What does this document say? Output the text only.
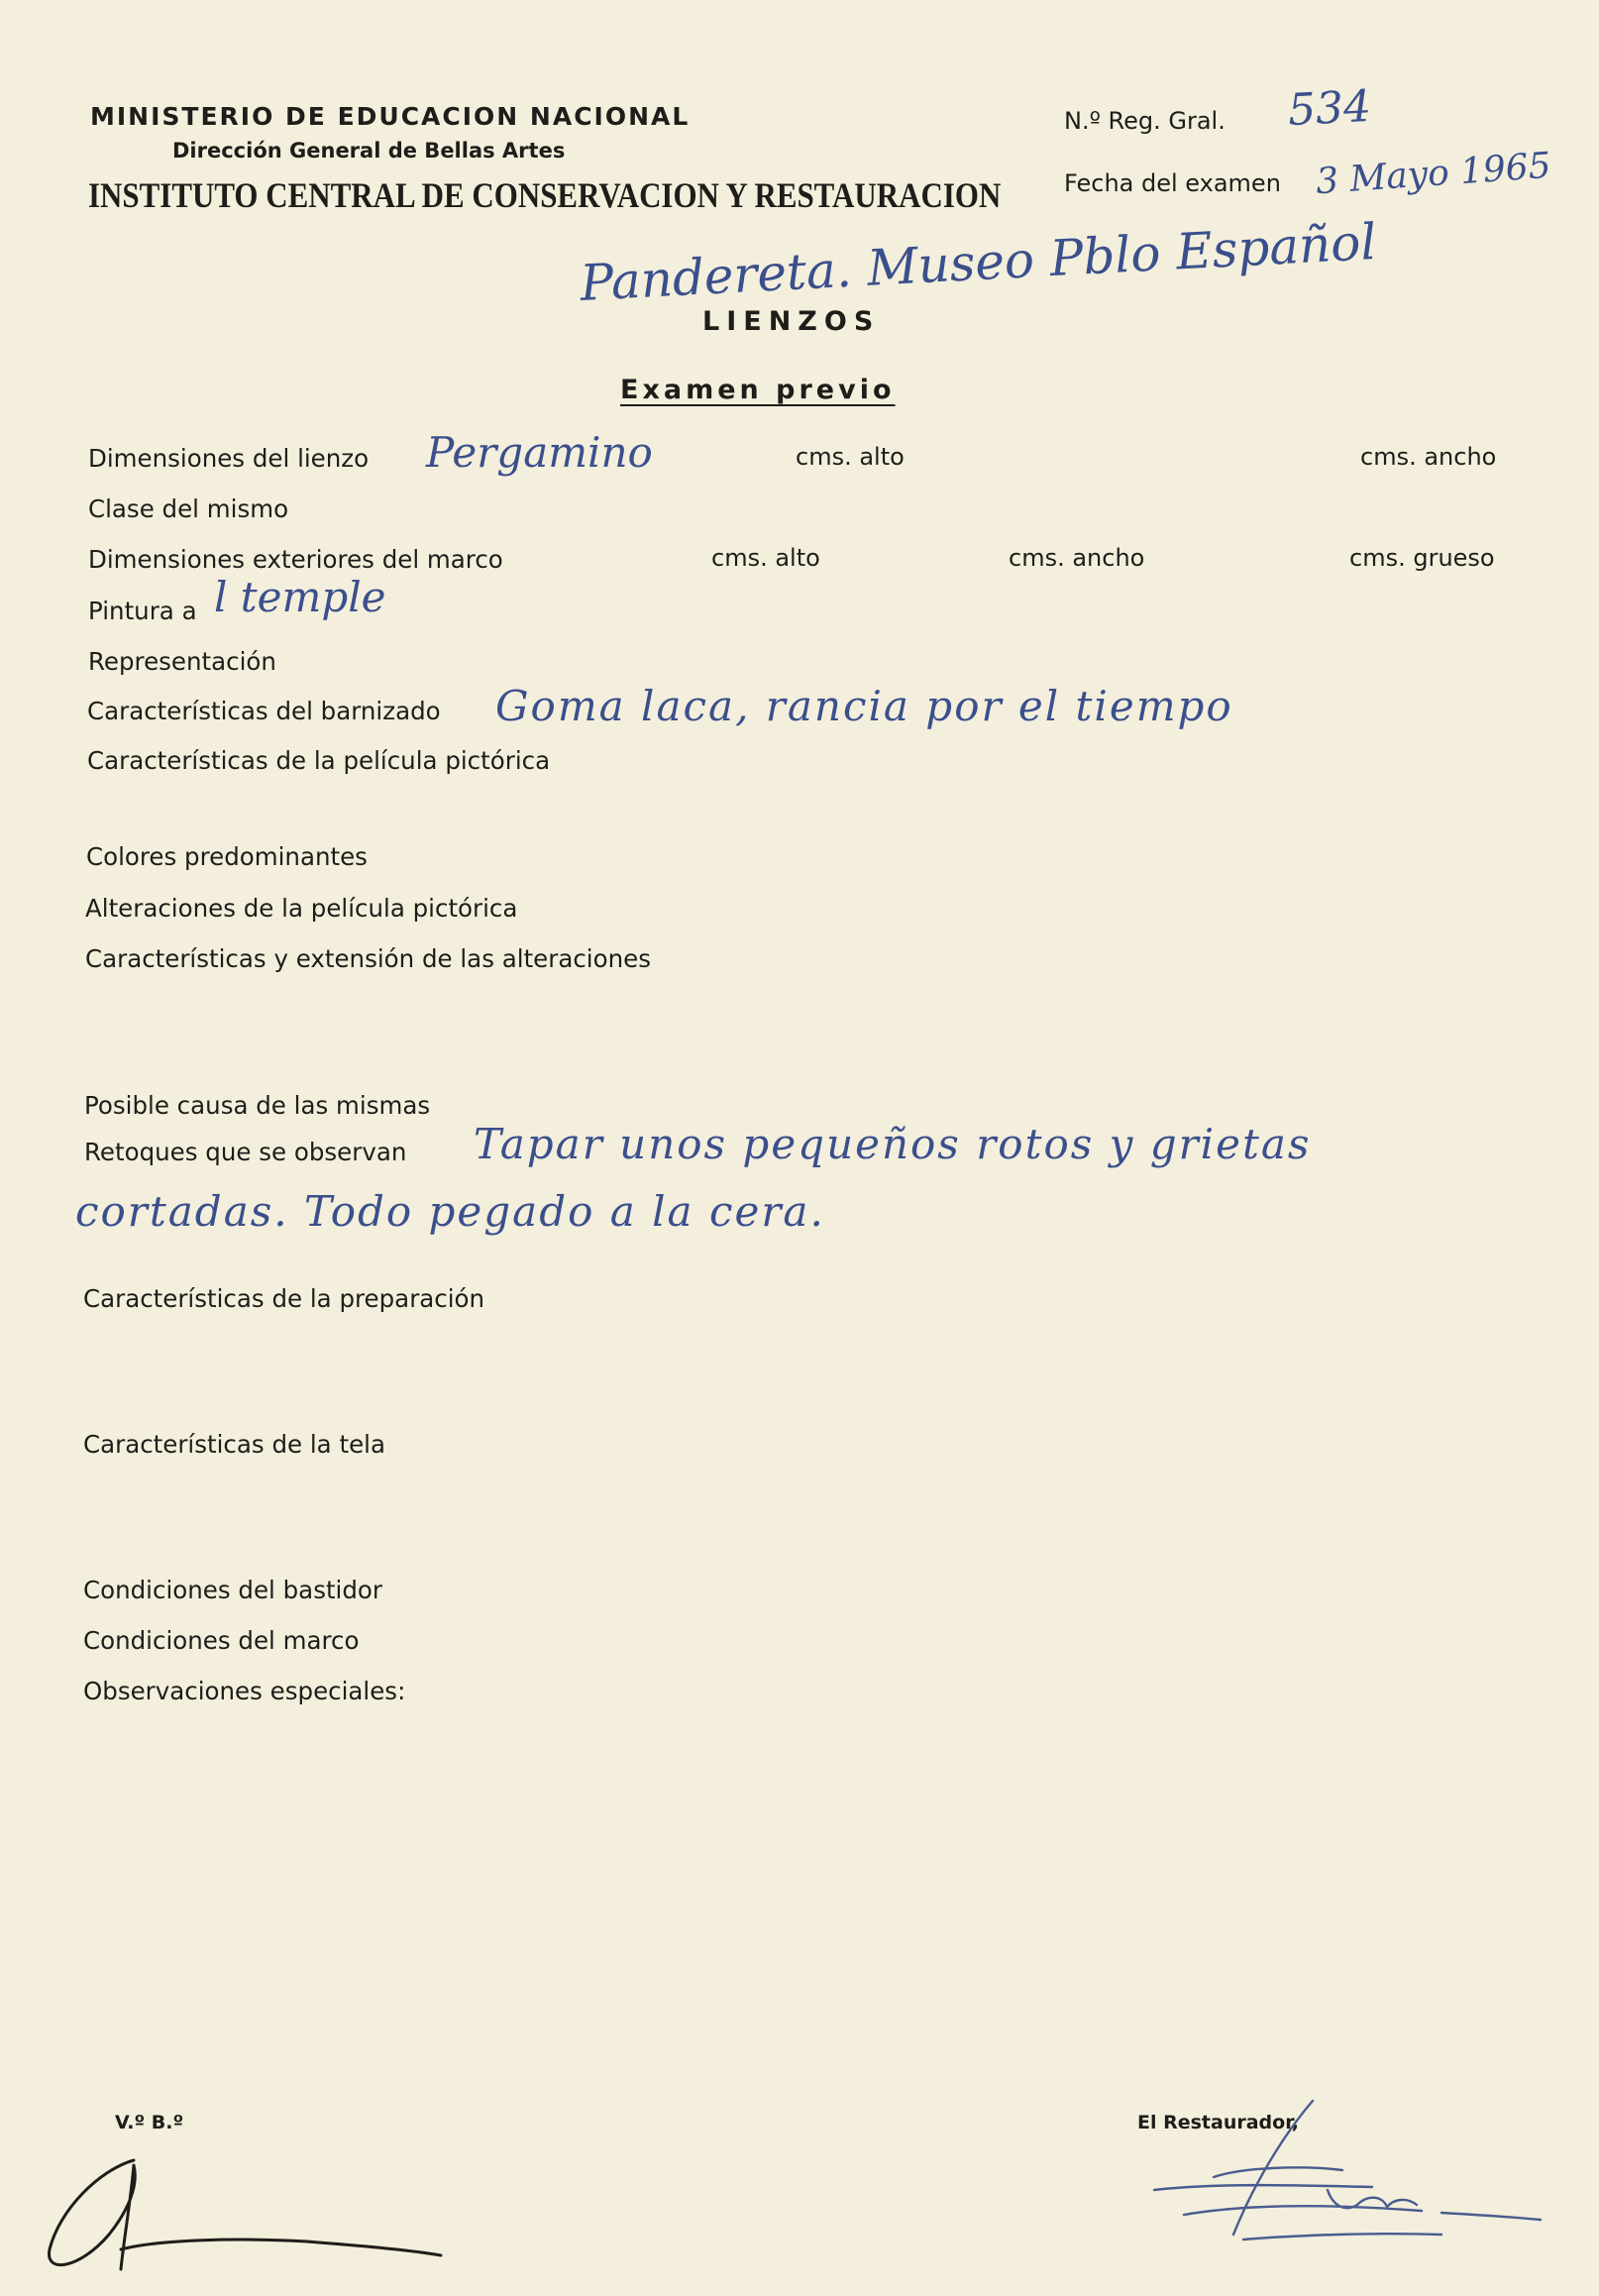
MINISTERIO DE EDUCACION NACIONAL
Dirección General de Bellas Artes
INSTITUTO CENTRAL DE CONSERVACION Y RESTAURACION
N.º Reg. Gral. 534
Fecha del examen 3 Mayo 1965
Pandereta. Museo Pblo Español
LIENZOS
Examen previo
Dimensiones del lienzo Pergamino	cms. alto	cms. ancho
Clase del mismo
Dimensiones exteriores del marco	cms. alto	cms. ancho	cms. grueso
Pintura a l temple
Representación
Características del barnizado Goma laca, rancia por el tiempo
Características de la película pictórica
Colores predominantes
Alteraciones de la película pictórica
Características y extensión de las alteraciones
Posible causa de las mismas
Retoques que se observan Tapar unos pequeños rotos y grietas
cortadas. Todo pegado a la cera.
Características de la preparación
Características de la tela
Condiciones del bastidor
Condiciones del marco
Observaciones especiales:
V.º B.º	El Restaurador,
